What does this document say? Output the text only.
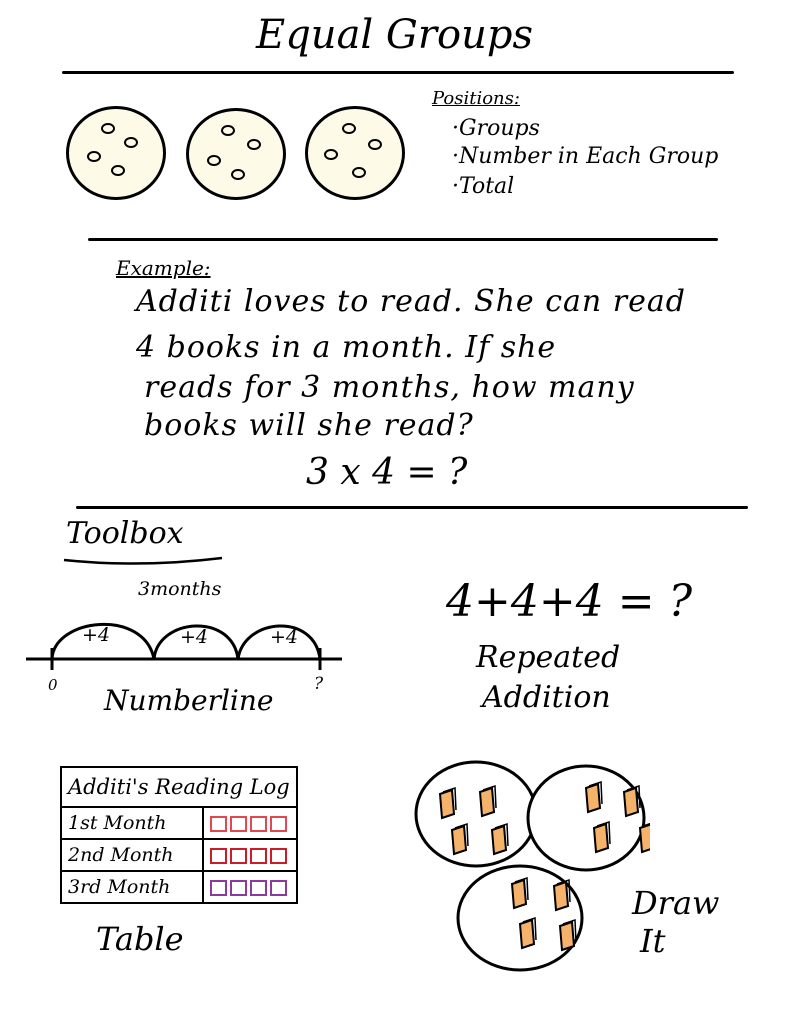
Equal Groups
Positions:
·Groups
·Number in Each Group
·Total
Example:
Additi loves to read. She can read
4 books in a month. If she
reads for 3 months, how many
books will she read?
3 x 4 = ?
Toolbox
3months
+4	+4	+4
0	?
Numberline
4+4+4 = ?
Repeated
Addition
Additi's Reading Log	
1st Month	
2nd Month	
3rd Month	
Table
Draw
It
